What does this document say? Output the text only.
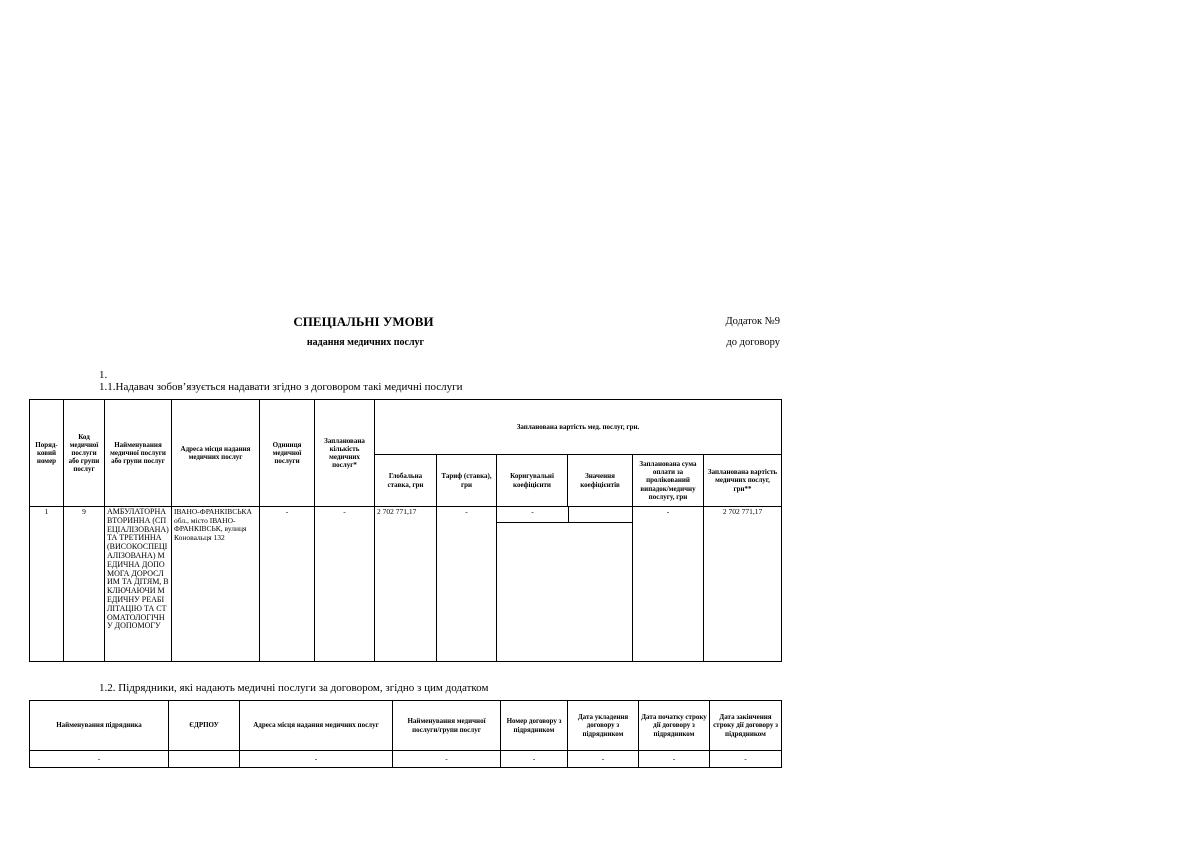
СПЕЦІАЛЬНІ УМОВИ
надання медичних послуг
Додаток №9
до договору
1.
1.1.Надавач зобов’язується надавати згідно з договором такі медичні послуги
Поряд-ковий номер	Код медичної послуги або групи послуг	Найменування медичної послуги або групи послуг	Адреса місця надання медичних послуг	Одиниця медичної послуги	Запланована кількість медичних послуг*	Запланована вартість мед. послуг, грн.					
						Глобальна ставка, грн	Тариф (ставка), грн	Коригувальні коефіцієнти	Значення коефіцієнтів	Запланована сума оплати за пролікований випадок/медичну послугу, грн	Запланована вартість медичних послуг, грн**
1	9	АМБУЛАТОРНА ВТОРИННА (СПЕЦІАЛІЗОВАНА) ТА ТРЕТИННА (ВИСОКОСПЕЦІАЛІЗОВАНА) МЕДИЧНА ДОПОМОГА ДОРОСЛИМ ТА ДІТЯМ, ВКЛЮЧАЮЧИ МЕДИЧНУ РЕАБІЛІТАЦІЮ ТА СТОМАТОЛОГІЧНУ ДОПОМОГУ	ІВАНО-ФРАНКІВСЬКА обл., місто ІВАНО-ФРАНКІВСЬК, вулиця Коновальця 132	-	-	2 702 771,17	-	-		-	2 702 771,17
1.2. Підрядники, які надають медичні послуги за договором, згідно з цим додатком
Найменування підрядника	ЄДРПОУ	Адреса місця надання медичних послуг	Найменування медичної послуги/групи послуг	Номер договору з підрядником	Дата укладення договору з підрядником	Дата початку строку дії договору з підрядником	Дата закінчення строку дії договору з підрядником
-		-	-	-	-	-	-
